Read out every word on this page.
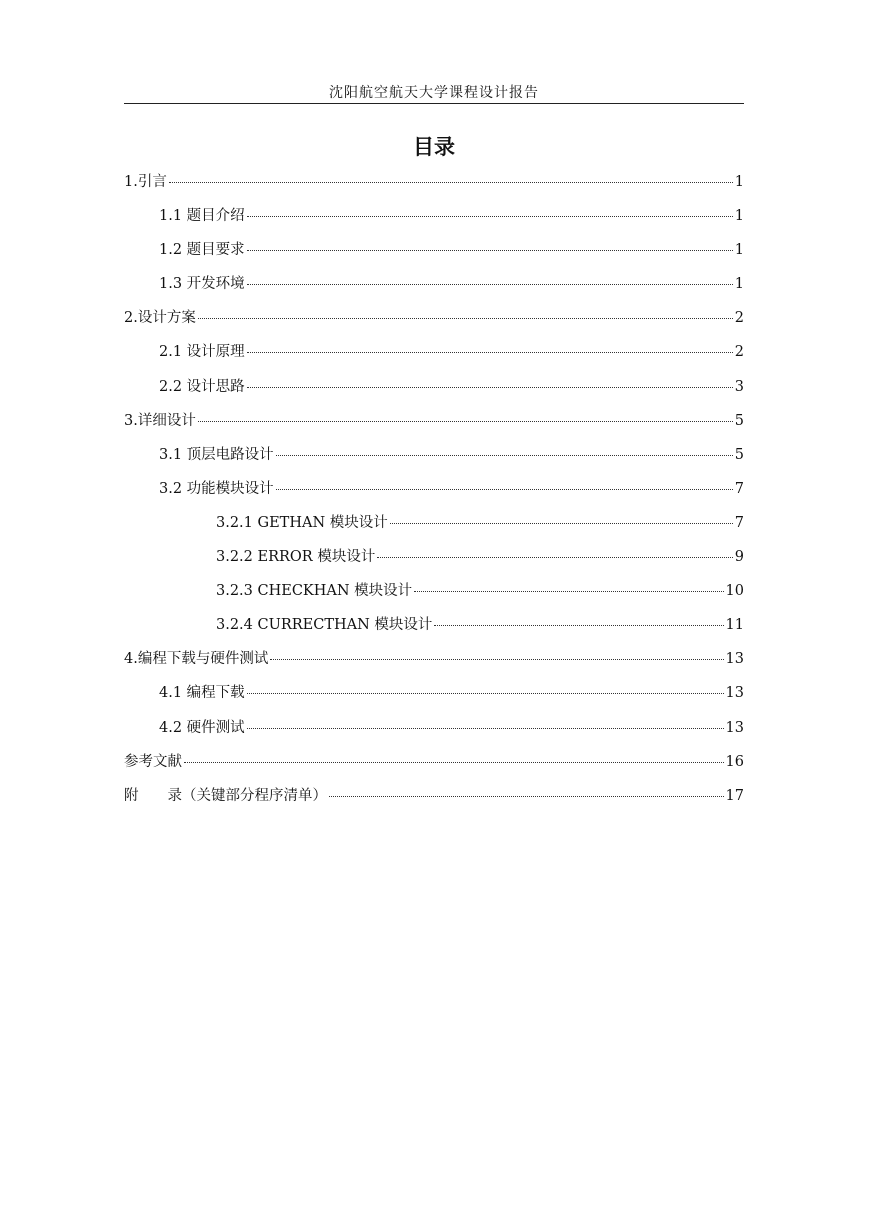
沈阳航空航天大学课程设计报告
目录
1.引言	1
1.1 题目介绍	1
1.2 题目要求	1
1.3 开发环境	1
2.设计方案	2
2.1 设计原理	2
2.2 设计思路	3
3.详细设计	5
3.1 顶层电路设计	5
3.2 功能模块设计	7
3.2.1 GETHAN 模块设计	7
3.2.2 ERROR 模块设计	9
3.2.3 CHECKHAN 模块设计	10
3.2.4 CURRECTHAN 模块设计	11
4.编程下载与硬件测试	13
4.1 编程下载	13
4.2 硬件测试	13
参考文献	16
附　　录（关键部分程序清单）	17
